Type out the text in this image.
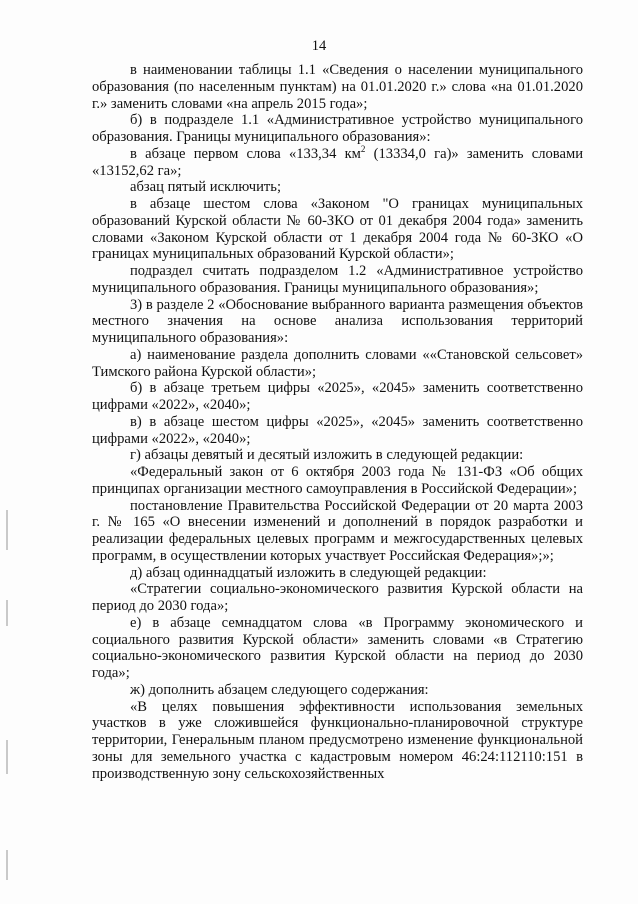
14

в наименовании таблицы 1.1 «Сведения о населении муниципального образования (по населенным пунктам) на 01.01.2020 г.» слова «на 01.01.2020 г.» заменить словами «на апрель 2015 года»;

б) в подразделе 1.1 «Административное устройство муниципального образования. Границы муниципального образования»:

в абзаце первом слова «133,34 $км^2$ (13334,0 га)» заменить словами «13152,62 га»;

абзац пятый исключить;

в абзаце шестом слова «Законом "О границах муниципальных образований Курской области № 60-ЗКО от 01 декабря 2004 года» заменить словами «Законом Курской области от 1 декабря 2004 года № 60-ЗКО «О границах муниципальных образований Курской области»;

подраздел считать подразделом 1.2 «Административное устройство муниципального образования. Границы муниципального образования»;

3) в разделе 2 «Обоснование выбранного варианта размещения объектов местного значения на основе анализа использования территорий муниципального образования»:

а) наименование раздела дополнить словами ««Становской сельсовет» Тимского района Курской области»;

б) в абзаце третьем цифры «2025», «2045» заменить соответственно цифрами «2022», «2040»;

в) в абзаце шестом цифры «2025», «2045» заменить соответственно цифрами «2022», «2040»;

г) абзацы девятый и десятый изложить в следующей редакции:

«Федеральный закон от 6 октября 2003 года № 131-ФЗ «Об общих принципах организации местного самоуправления в Российской Федерации»;

постановление Правительства Российской Федерации от 20 марта 2003 г. № 165 «О внесении изменений и дополнений в порядок разработки и реализации федеральных целевых программ и межгосударственных целевых программ, в осуществлении которых участвует Российская Федерация»;»;

д) абзац одиннадцатый изложить в следующей редакции:

«Стратегии социально-экономического развития Курской области на период до 2030 года»;

е) в абзаце семнадцатом слова «в Программу экономического и социального развития Курской области» заменить словами «в Стратегию социально-экономического развития Курской области на период до 2030 года»;

ж) дополнить абзацем следующего содержания:

«В целях повышения эффективности использования земельных участков в уже сложившейся функционально-планировочной структуре территории, Генеральным планом предусмотрено изменение функциональной зоны для земельного участка с кадастровым номером 46:24:112110:151 в производственную зону сельскохозяйственных
